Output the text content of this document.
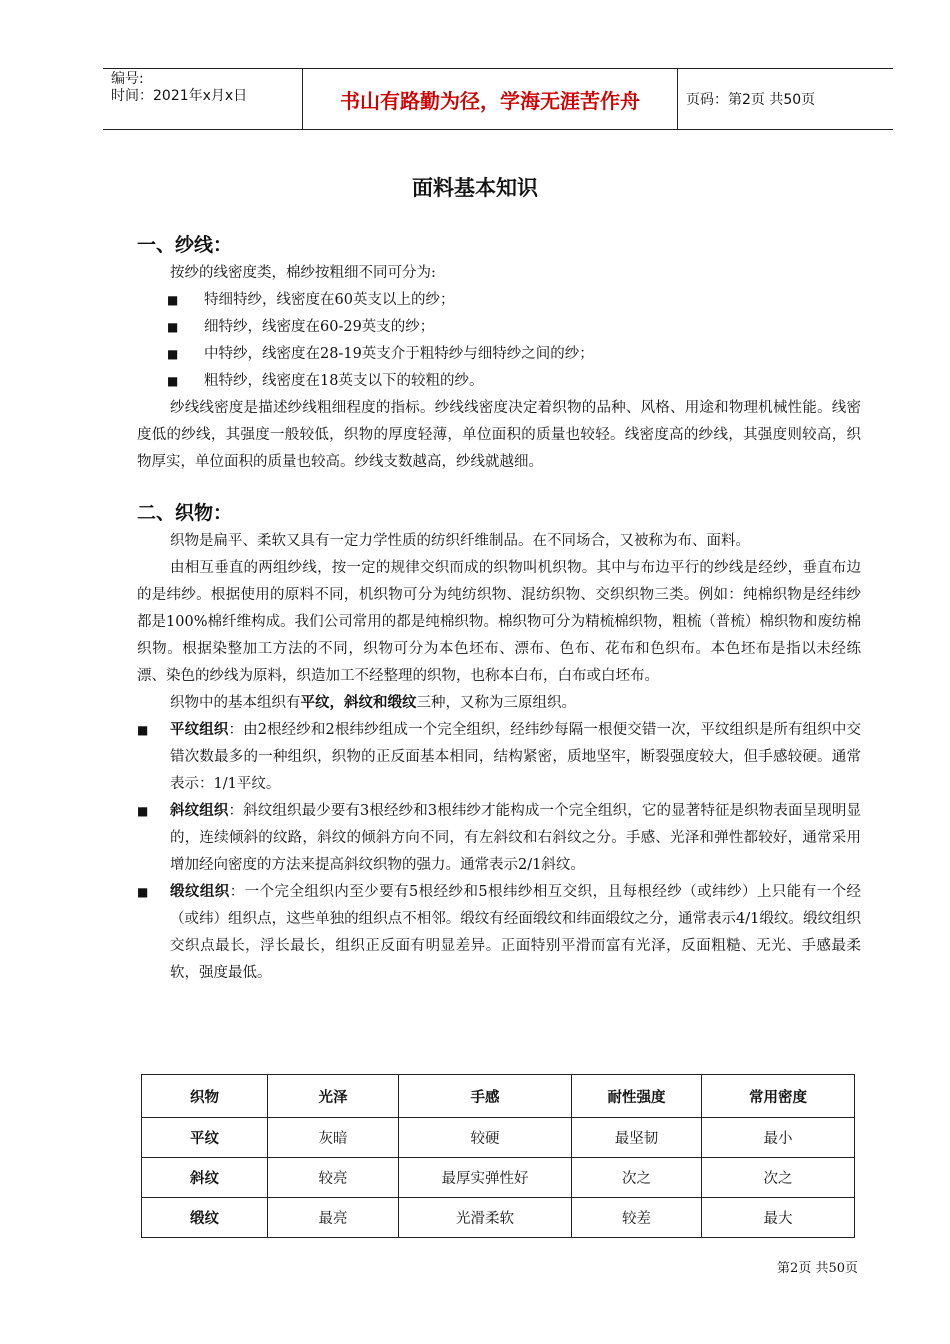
编号:
时间：2021年x月x日	书山有路勤为径，学海无涯苦作舟	页码：第2页 共50页
面料基本知识
一、纱线：

按纱的线密度类，棉纱按粗细不同可分为:

■ 特细特纱，线密度在60英支以上的纱；
■ 细特纱，线密度在60-29英支的纱；
■ 中特纱，线密度在28-19英支介于粗特纱与细特纱之间的纱；
■ 粗特纱，线密度在18英支以下的较粗的纱。

纱线线密度是描述纱线粗细程度的指标。纱线线密度决定着织物的品种、风格、用途和物理机械性能。线密度低的纱线，其强度一般较低，织物的厚度轻薄，单位面积的质量也较轻。线密度高的纱线，其强度则较高，织物厚实，单位面积的质量也较高。纱线支数越高，纱线就越细。

二、织物：

织物是扁平、柔软又具有一定力学性质的纺织纤维制品。在不同场合，又被称为布、面料。

由相互垂直的两组纱线，按一定的规律交织而成的织物叫机织物。其中与布边平行的纱线是经纱，垂直布边的是纬纱。根据使用的原料不同，机织物可分为纯纺织物、混纺织物、交织织物三类。例如：纯棉织物是经纬纱都是100%棉纤维构成。我们公司常用的都是纯棉织物。棉织物可分为精梳棉织物，粗梳（普梳）棉织物和废纺棉织物。根据染整加工方法的不同，织物可分为本色坯布、漂布、色布、花布和色织布。本色坯布是指以未经练漂、染色的纱线为原料，织造加工不经整理的织物，也称本白布，白布或白坯布。

织物中的基本组织有平纹，斜纹和缎纹三种，又称为三原组织。

■ 平纹组织：由2根经纱和2根纬纱组成一个完全组织，经纬纱每隔一根便交错一次，平纹组织是所有组织中交错次数最多的一种组织，织物的正反面基本相同，结构紧密，质地坚牢，断裂强度较大，但手感较硬。通常表示：1/1平纹。
■ 斜纹组织：斜纹组织最少要有3根经纱和3根纬纱才能构成一个完全组织，它的显著特征是织物表面呈现明显的，连续倾斜的纹路，斜纹的倾斜方向不同，有左斜纹和右斜纹之分。手感、光泽和弹性都较好，通常采用增加经向密度的方法来提高斜纹织物的强力。通常表示2/1斜纹。
■ 缎纹组织：一个完全组织内至少要有5根经纱和5根纬纱相互交织，且每根经纱（或纬纱）上只能有一个经（或纬）组织点，这些单独的组织点不相邻。缎纹有经面缎纹和纬面缎纹之分，通常表示4/1缎纹。缎纹组织交织点最长，浮长最长，组织正反面有明显差异。正面特别平滑而富有光泽，反面粗糙、无光、手感最柔软，强度最低。
织物	光泽	手感	耐性强度	常用密度
平纹	灰暗	较硬	最坚韧	最小
斜纹	较亮	最厚实弹性好	次之	次之
缎纹	最亮	光滑柔软	较差	最大
第2页 共50页
